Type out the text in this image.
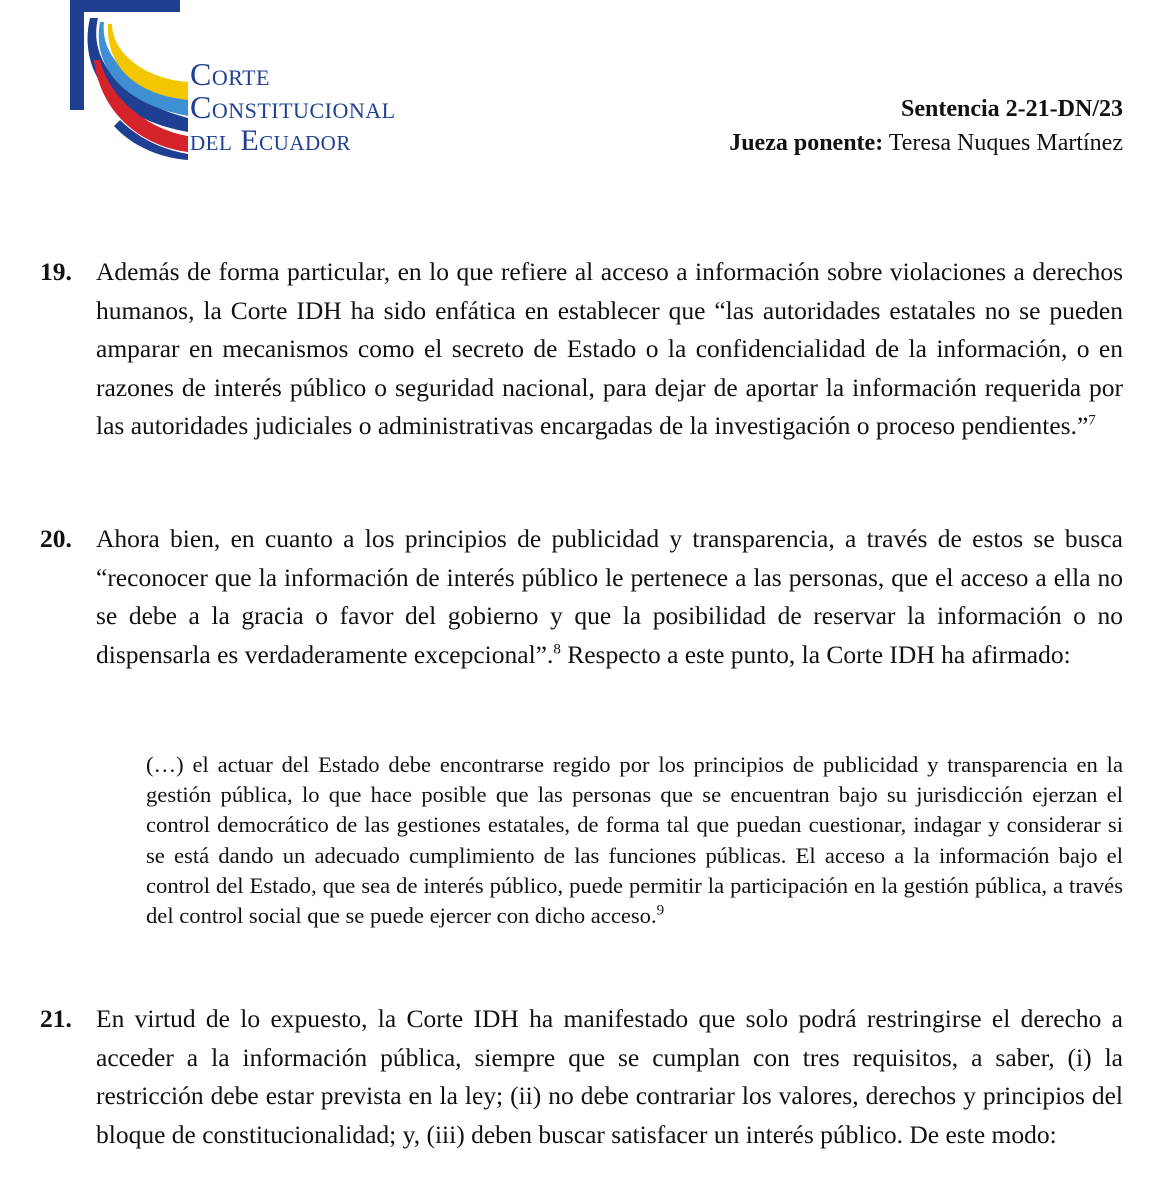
Corte
Constitucional
del Ecuador
Sentencia 2-21-DN/23
Jueza ponente: Teresa Nuques Martínez
19. Además de forma particular, en lo que refiere al acceso a información sobre violaciones a derechos humanos, la Corte IDH ha sido enfática en establecer que “las autoridades estatales no se pueden amparar en mecanismos como el secreto de Estado o la confidencialidad de la información, o en razones de interés público o seguridad nacional, para dejar de aportar la información requerida por las autoridades judiciales o administrativas encargadas de la investigación o proceso pendientes.”$^7$
20. Ahora bien, en cuanto a los principios de publicidad y transparencia, a través de estos se busca “reconocer que la información de interés público le pertenece a las personas, que el acceso a ella no se debe a la gracia o favor del gobierno y que la posibilidad de reservar la información o no dispensarla es verdaderamente excepcional”.$^8$ Respecto a este punto, la Corte IDH ha afirmado:
(…) el actuar del Estado debe encontrarse regido por los principios de publicidad y transparencia en la gestión pública, lo que hace posible que las personas que se encuentran bajo su jurisdicción ejerzan el control democrático de las gestiones estatales, de forma tal que puedan cuestionar, indagar y considerar si se está dando un adecuado cumplimiento de las funciones públicas. El acceso a la información bajo el control del Estado, que sea de interés público, puede permitir la participación en la gestión pública, a través del control social que se puede ejercer con dicho acceso.$^9$
21. En virtud de lo expuesto, la Corte IDH ha manifestado que solo podrá restringirse el derecho a acceder a la información pública, siempre que se cumplan con tres requisitos, a saber, (i) la restricción debe estar prevista en la ley; (ii) no debe contrariar los valores, derechos y principios del bloque de constitucionalidad; y, (iii) deben buscar satisfacer un interés público. De este modo:
